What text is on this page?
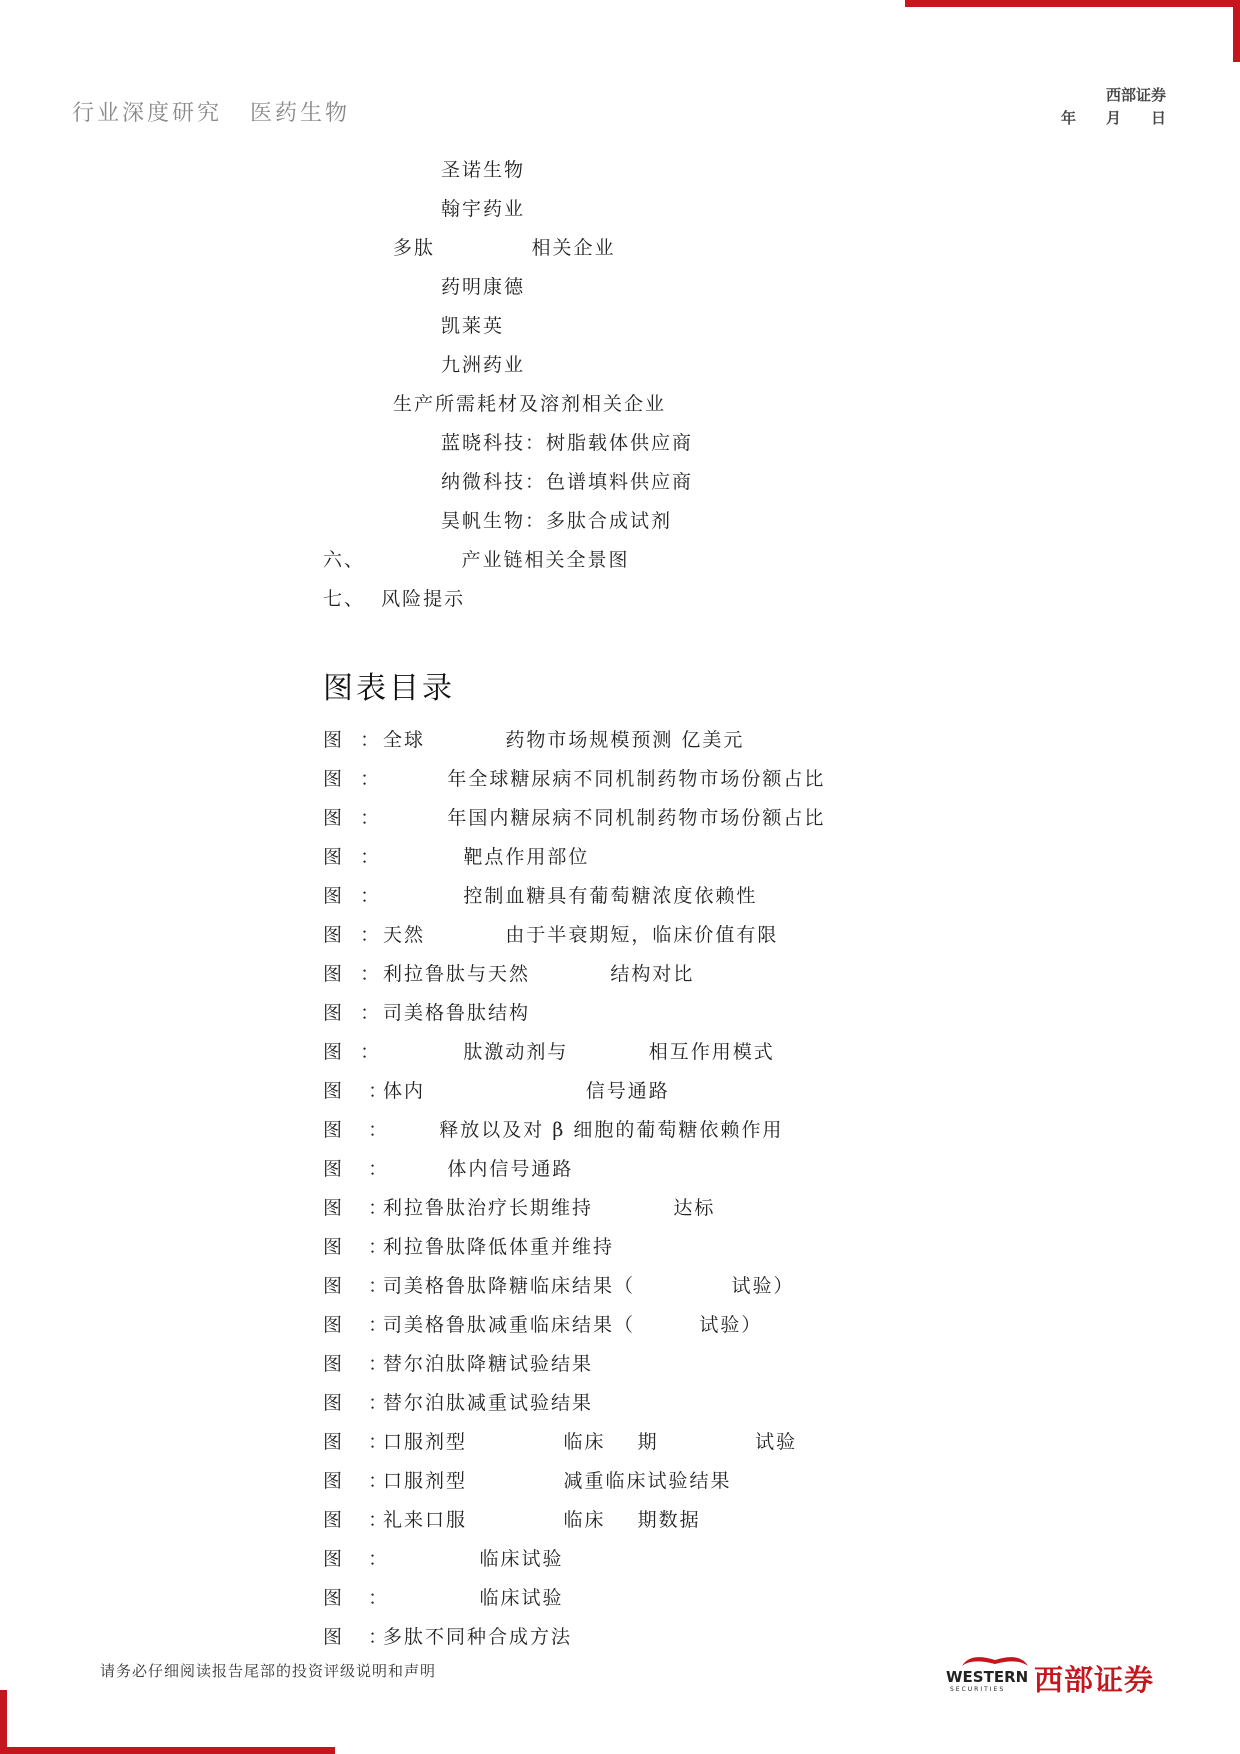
行业深度研究 医药生物
西部证券
年 月 日
圣诺生物
翰宇药业
多肽            相关企业
药明康德
凯莱英
九洲药业
生产所需耗材及溶剂相关企业
蓝晓科技：树脂载体供应商
纳微科技：色谱填料供应商
昊帆生物：多肽合成试剂
六、            产业链相关全景图
七、  风险提示
图表目录
图  ： 全球          药物市场规模预测 亿美元
图  ：        年全球糖尿病不同机制药物市场份额占比
图  ：        年国内糖尿病不同机制药物市场份额占比
图  ：          靶点作用部位
图  ：          控制血糖具有葡萄糖浓度依赖性
图  ： 天然          由于半衰期短，临床价值有限
图  ： 利拉鲁肽与天然          结构对比
图  ： 司美格鲁肽结构
图  ：          肽激动剂与          相互作用模式
图   ：体内                    信号通路
图   ：       释放以及对 β 细胞的葡萄糖依赖作用
图   ：        体内信号通路
图   ：利拉鲁肽治疗长期维持          达标
图   ：利拉鲁肽降低体重并维持
图   ：司美格鲁肽降糖临床结果（            试验）
图   ：司美格鲁肽减重临床结果（        试验）
图   ：替尔泊肽降糖试验结果
图   ：替尔泊肽减重试验结果
图   ：口服剂型            临床    期            试验
图   ：口服剂型            减重临床试验结果
图   ：礼来口服            临床    期数据
图   ：            临床试验
图   ：            临床试验
图   ：多肽不同种合成方法
请务必仔细阅读报告尾部的投资评级说明和声明	WESTERN
SECURITIES 西部证券
